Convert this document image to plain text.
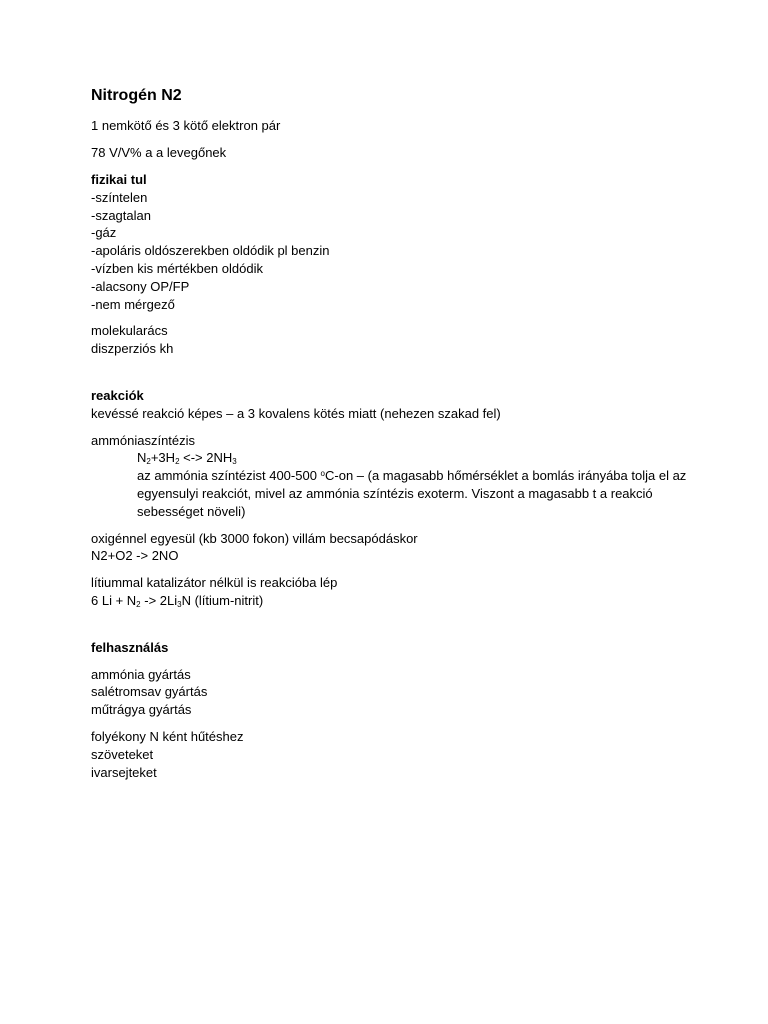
Nitrogén N2
1 nemkötő és 3 kötő elektron pár
78 V/V% a a levegőnek
fizikai tul
-színtelen
-szagtalan
-gáz
-apoláris oldószerekben oldódik pl benzin
-vízben kis mértékben oldódik
-alacsony OP/FP
-nem mérgező
molekularács
diszperziós kh
reakciók
kevéssé reakció képes – a 3 kovalens kötés miatt (nehezen szakad fel)
ammóniaszíntézis
$N_2+3H_2$ <-> $2NH_3$
az ammónia színtézist 400-500 $^o$C-on – (a magasabb hőmérséklet a bomlás irányába tolja el az egyensulyi reakciót, mivel az ammónia színtézis exoterm. Viszont a magasabb t a reakció sebességet növeli)
oxigénnel egyesül (kb 3000 fokon) villám becsapódáskor
N2+O2 -> 2NO
lítiummal katalizátor nélkül is reakcióba lép
6 $Li + N_2 -> 2Li_3N$ (lítium-nitrit)
felhasználás
ammónia gyártás
salétromsav gyártás
műtrágya gyártás
folyékony N ként hűtéshez
szöveteket
ivarsejteket
